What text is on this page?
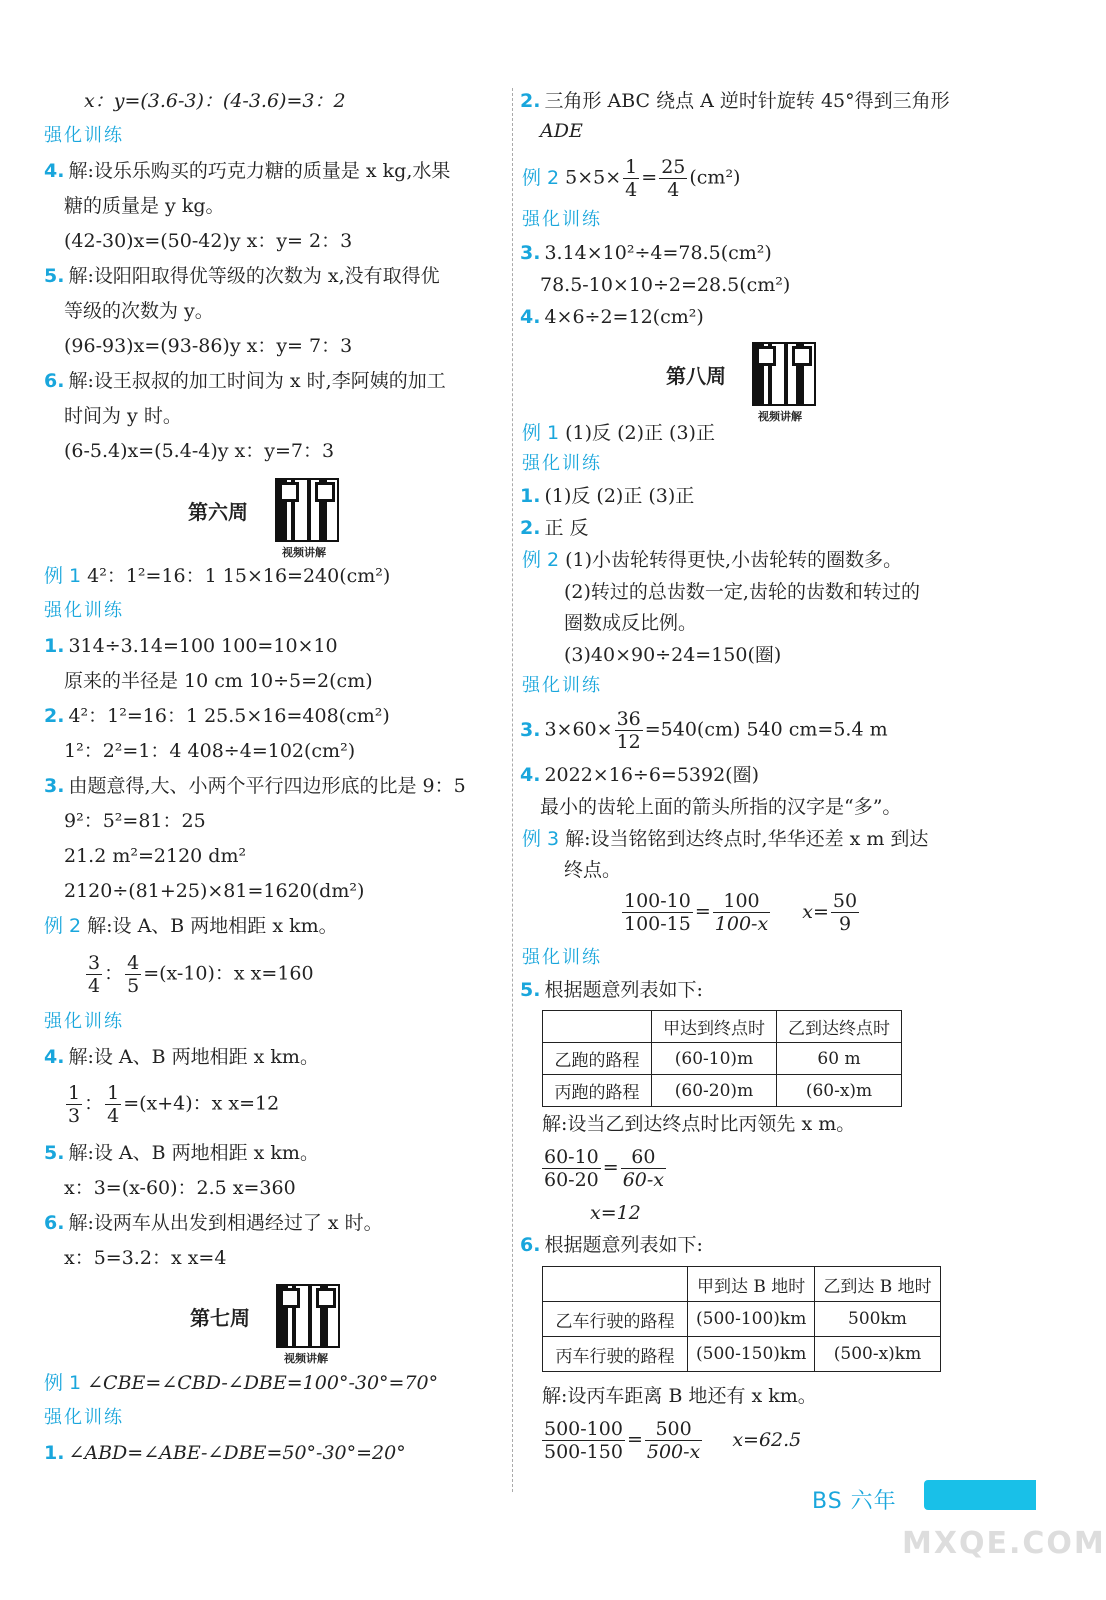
x：y=(3.6-3)：(4-3.6)=3：2
强化训练
4. 解:设乐乐购买的巧克力糖的质量是 x kg,水果
糖的质量是 y kg。
(42-30)x=(50-42)y x：y= 2：3
5. 解:设阳阳取得优等级的次数为 x,没有取得优
等级的次数为 y。
(96-93)x=(93-86)y x：y= 7：3
6. 解:设王叔叔的加工时间为 x 时,李阿姨的加工
时间为 y 时。
(6-5.4)x=(5.4-4)y x：y=7：3
第六周
视频讲解
例 1 4²：1²=16：1 15×16=240(cm²)
强化训练
1. 314÷3.14=100 100=10×10
原来的半径是 10 cm 10÷5=2(cm)
2. 4²：1²=16：1 25.5×16=408(cm²)
1²：2²=1：4 408÷4=102(cm²)
3. 由题意得,大、小两个平行四边形底的比是 9：5
9²：5²=81：25
21.2 m²=2120 dm²
2120÷(81+25)×81=1620(dm²)
例 2 解:设 A、B 两地相距 x km。
$\frac{3}{4}$ ： $\frac{4}{5} =(x-10)$：x x=160
强化训练
4. 解:设 A、B 两地相距 x km。
$\frac{1}{3}$ ： $\frac{1}{4} =(x+4)$：x x=12
5. 解:设 A、B 两地相距 x km。
x：3=(x-60)：2.5 x=360
6. 解:设两车从出发到相遇经过了 x 时。
x：5=3.2：x x=4
第七周
视频讲解
例 1 ∠CBE=∠CBD-∠DBE=100°-30°=70°
强化训练
1. ∠ABD=∠ABE-∠DBE=50°-30°=20°
2. 三角形 ABC 绕点 A 逆时针旋转 45°得到三角形
ADE
例 2 $5\times 5\times \frac{1}{4} = \frac{25}{4} (cm^2)$
强化训练
3. 3.14×10²÷4=78.5(cm²)
78.5-10×10÷2=28.5(cm²)
4. 4×6÷2=12(cm²)
第八周
视频讲解
例 1 (1)反 (2)正 (3)正
强化训练
1. (1)反 (2)正 (3)正
2. 正 反
例 2 (1)小齿轮转得更快,小齿轮转的圈数多。
(2)转过的总齿数一定,齿轮的齿数和转过的
圈数成反比例。
(3)40×90÷24=150(圈)
强化训练
3. $3\times 60\times \frac{36}{12} =540(cm)$ 540 cm=5.4 m
4. 2022×16÷6=5392(圈)
最小的齿轮上面的箭头所指的汉字是“多”。
例 3 解:设当铭铭到达终点时,华华还差 x m 到达
终点。
$\frac{100-10}{100-15} = \frac{100}{100-x} x= \frac{50}{9}$
强化训练
5. 根据题意列表如下:
	甲达到终点时	乙到达终点时
乙跑的路程	(60-10)m	60 m
丙跑的路程	(60-20)m	(60-x)m
解:设当乙到达终点时比丙领先 x m。
$\frac{60-10}{60-20} = \frac{60}{60-x}$
x=12
6. 根据题意列表如下:
	甲到达 B 地时	乙到达 B 地时
乙车行驶的路程	(500-100)km	500km
丙车行驶的路程	(500-150)km	(500-x)km
解:设丙车距离 B 地还有 x km。
$\frac{500-100}{500-150} = \frac{500}{500-x} x=62.5$
BS 六年
MXQE.COM
